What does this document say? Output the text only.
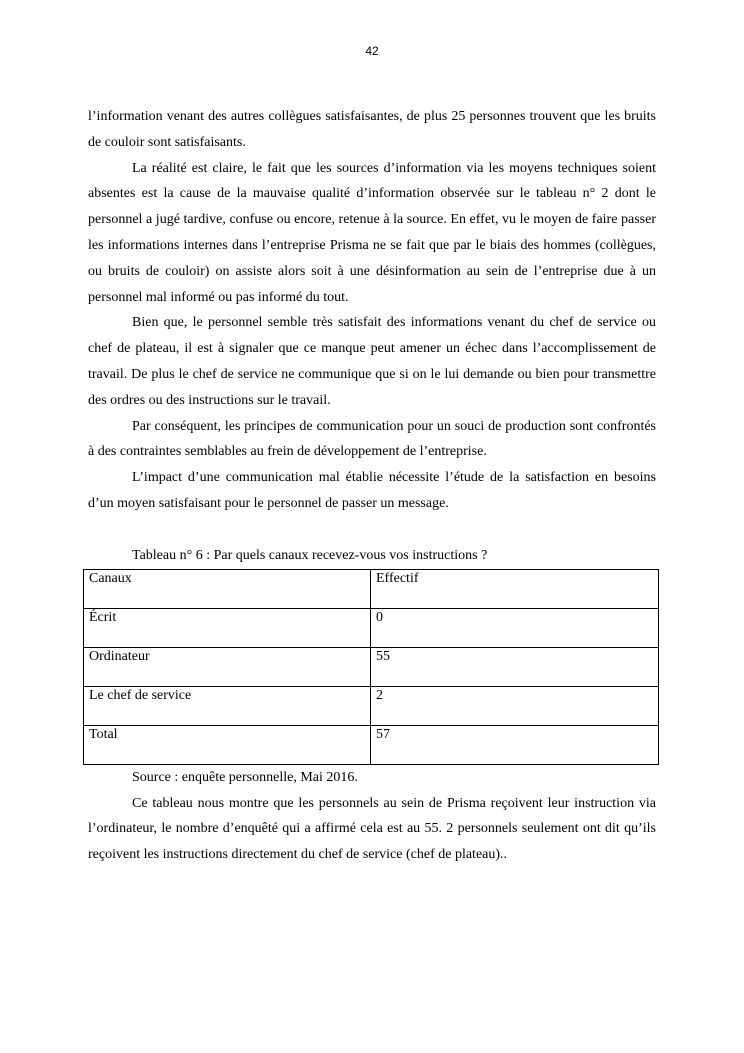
42

l’information venant des autres collègues satisfaisantes, de plus 25 personnes trouvent que les bruits de couloir sont satisfaisants.

La réalité est claire, le fait que les sources d’information via les moyens techniques soient absentes est la cause de la mauvaise qualité d’information observée sur le tableau n° 2 dont le personnel a jugé tardive, confuse ou encore, retenue à la source. En effet, vu le moyen de faire passer les informations internes dans l’entreprise Prisma ne se fait que par le biais des hommes (collègues, ou bruits de couloir) on assiste alors soit à une désinformation au sein de l’entreprise due à un personnel mal informé ou pas informé du tout.

Bien que, le personnel semble très satisfait des informations venant du chef de service ou chef de plateau, il est à signaler que ce manque peut amener un échec dans l’accomplissement de travail. De plus le chef de service ne communique que si on le lui demande ou bien pour transmettre des ordres ou des instructions sur le travail.

Par conséquent, les principes de communication pour un souci de production sont confrontés à des contraintes semblables au frein de développement de l’entreprise.

L’impact d’une communication mal établie nécessite l’étude de la satisfaction en besoins d’un moyen satisfaisant pour le personnel de passer un message.

Tableau n° 6 : Par quels canaux recevez-vous vos instructions ?

Canaux	Effectif
Écrit	0
Ordinateur	55
Le chef de service	2
Total	57

Source : enquête personnelle, Mai 2016.

Ce tableau nous montre que les personnels au sein de Prisma reçoivent leur instruction via l’ordinateur, le nombre d’enquêté qui a affirmé cela est au 55. 2 personnels seulement ont dit qu’ils reçoivent les instructions directement du chef de service (chef de plateau)..
